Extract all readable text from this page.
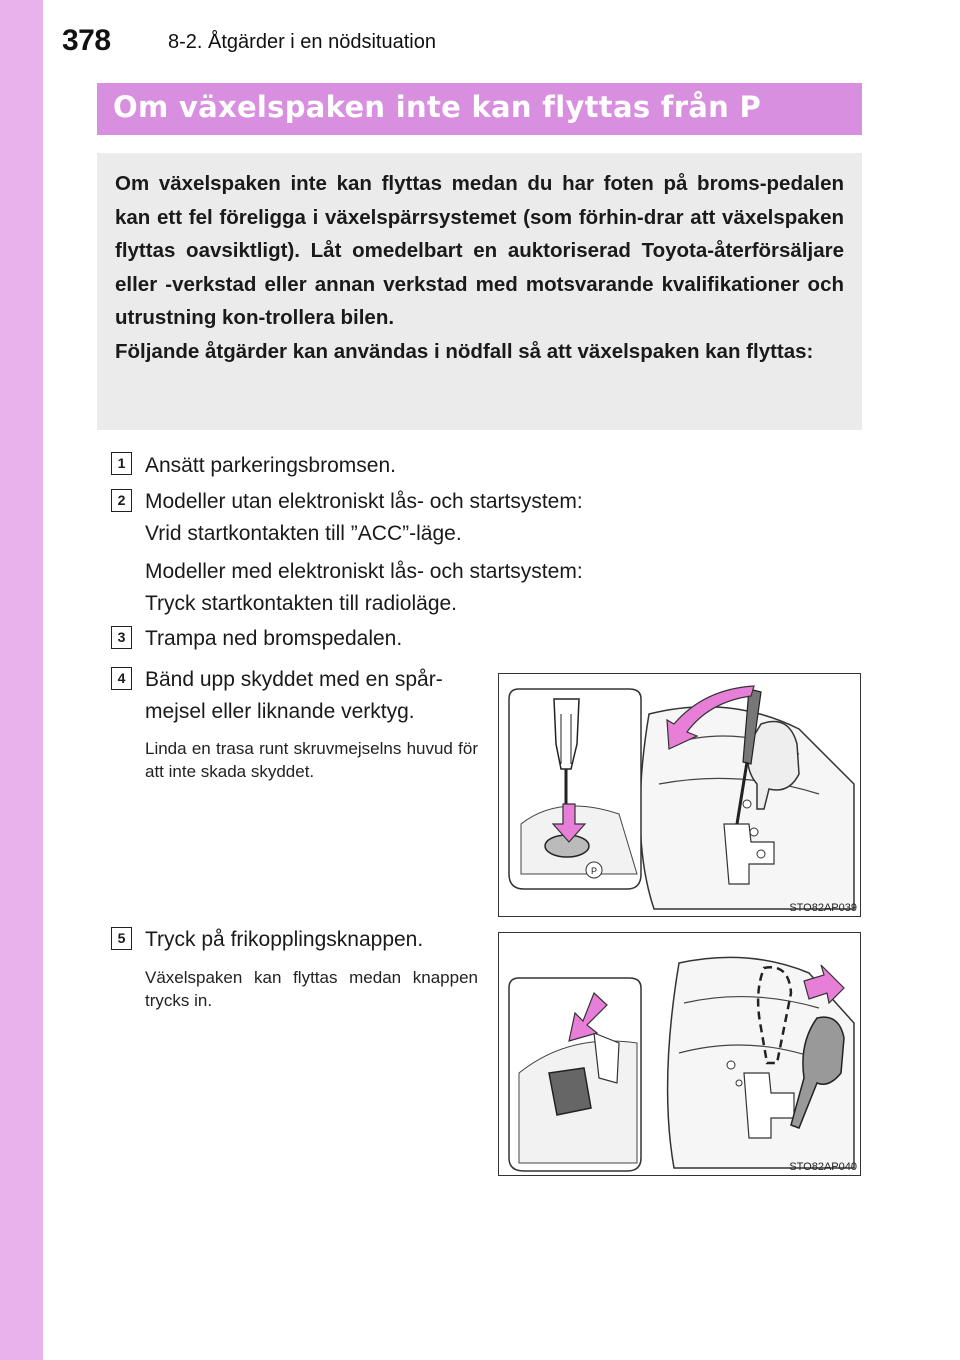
378	8-2. Åtgärder i en nödsituation
Om växelspaken inte kan flyttas från P

Om växelspaken inte kan flyttas medan du har foten på broms-pedalen kan ett fel föreligga i växelspärrsystemet (som förhin-drar att växelspaken flyttas oavsiktligt). Låt omedelbart en auktoriserad Toyota-återförsäljare eller -verkstad eller annan verkstad med motsvarande kvalifikationer och utrustning kon-trollera bilen.

Följande åtgärder kan användas i nödfall så att växelspaken kan flyttas:

1 Ansätt parkeringsbromsen.
2 Modeller utan elektroniskt lås- och startsystem:
Vrid startkontakten till ”ACC”-läge.
Modeller med elektroniskt lås- och startsystem:
Tryck startkontakten till radioläge.
3 Trampa ned bromspedalen.
4 Bänd upp skyddet med en spår-
mejsel eller liknande verktyg.
Linda en trasa runt skruvmejselns huvud för att inte skada skyddet.
5 Tryck på frikopplingsknappen.
Växelspaken kan flyttas medan knappen trycks in.
P
STO82AP039
STO82AP040
